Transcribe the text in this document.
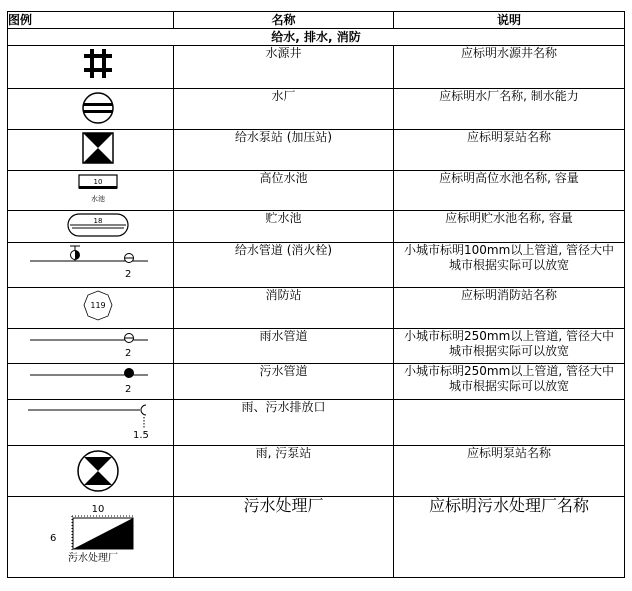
图例	名称	说明
给水, 排水, 消防		

	水源井	应标明水源井名称

	水厂	应标明水厂名称, 制水能力

	给水泵站 (加压站)	应标明泵站名称

10
水池	高位水池	应标明高位水池名称, 容量

18	贮水池	应标明贮水池名称, 容量

2	给水管道 (消火栓)	小城市标明100mm以上管道, 管径大中
城市根据实际可以放宽

119	消防站	应标明消防站名称

2	雨水管道	小城市标明250mm以上管道, 管径大中
城市根据实际可以放宽

2	污水管道	小城市标明250mm以上管道, 管径大中
城市根据实际可以放宽

1.5	雨、污水排放口	

	雨, 污泵站	应标明泵站名称

10
6
污水处理厂	污水处理厂	应标明污水处理厂名称
